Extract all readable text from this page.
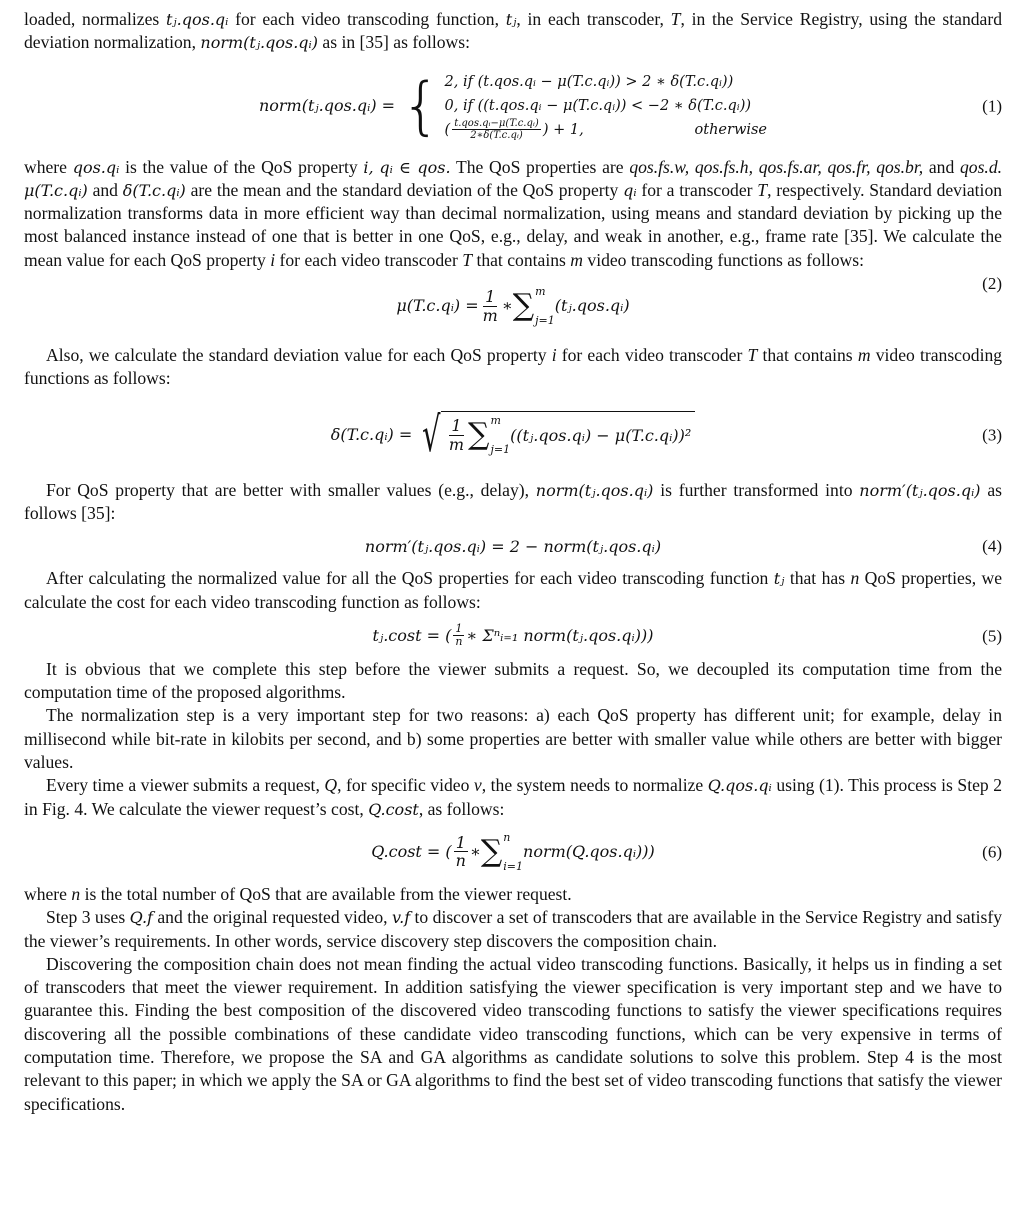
loaded, normalizes tⱼ.qos.qᵢ for each video transcoding function, tⱼ, in each transcoder, T, in the Service Registry, using the standard deviation normalization, norm(tⱼ.qos.qᵢ) as in [35] as follows:

norm(tⱼ.qos.qᵢ) = { 2, if (t.qos.qᵢ − μ(T.c.qᵢ)) > 2 ∗ δ(T.c.qᵢ))
0, if ((t.qos.qᵢ − μ(T.c.qᵢ)) < −2 ∗ δ(T.c.qᵢ))
( $\frac{\text{t.qos.qᵢ−μ(T.c.qᵢ)}}{\text{2∗δ(T.c.qᵢ)}}$ ) + 1,	otherwise
(1)

where qos.qᵢ is the value of the QoS property i, qᵢ ∈ qos. The QoS properties are qos.fs.w, qos.fs.h, qos.fs.ar, qos.fr, qos.br, and qos.d. μ(T.c.qᵢ) and δ(T.c.qᵢ) are the mean and the standard deviation of the QoS property qᵢ for a transcoder T, respectively. Standard deviation normalization transforms data in more efficient way than decimal normalization, using means and standard deviation by picking up the most balanced instance instead of one that is better in one QoS, e.g., delay, and weak in another, e.g., frame rate [35]. We calculate the mean value for each QoS property i for each video transcoder T that contains m video transcoding functions as follows:

μ(T.c.qᵢ) = $\frac{1}{m}$ ∗ ∑ m
j=1
(tⱼ.qos.qᵢ)
(2)

Also, we calculate the standard deviation value for each QoS property i for each video transcoder T that contains m video transcoding functions as follows:

δ(T.c.qᵢ) = √ $\frac{1}{m}$ ∑ m
j=1
((tⱼ.qos.qᵢ) − μ(T.c.qᵢ))²	(3)

For QoS property that are better with smaller values (e.g., delay), norm(tⱼ.qos.qᵢ) is further transformed into norm′(tⱼ.qos.qᵢ) as follows [35]:

norm′(tⱼ.qos.qᵢ) = 2 − norm(tⱼ.qos.qᵢ)	(4)

After calculating the normalized value for all the QoS properties for each video transcoding function tⱼ that has n QoS properties, we calculate the cost for each video transcoding function as follows:

tⱼ.cost = ( $\frac{1}{n}$ ∗ Σⁿᵢ₌₁ norm(tⱼ.qos.qᵢ)))	(5)

It is obvious that we complete this step before the viewer submits a request. So, we decoupled its computation time from the computation time of the proposed algorithms.

The normalization step is a very important step for two reasons: a) each QoS property has different unit; for example, delay in millisecond while bit-rate in kilobits per second, and b) some properties are better with smaller value while others are better with bigger values.

Every time a viewer submits a request, Q, for specific video v, the system needs to normalize Q.qos.qᵢ using (1). This process is Step 2 in Fig. 4. We calculate the viewer request’s cost, Q.cost, as follows:

Q.cost = ( $\frac{1}{n}$ ∗ ∑ n
i=1
norm(Q.qos.qᵢ)))	(6)

where n is the total number of QoS that are available from the viewer request.

Step 3 uses Q.f and the original requested video, v.f to discover a set of transcoders that are available in the Service Registry and satisfy the viewer’s requirements. In other words, service discovery step discovers the composition chain.

Discovering the composition chain does not mean finding the actual video transcoding functions. Basically, it helps us in finding a set of transcoders that meet the viewer requirement. In addition satisfying the viewer specification is very important step and we have to guarantee this. Finding the best composition of the discovered video transcoding functions to satisfy the viewer specifications requires discovering all the possible combinations of these candidate video transcoding functions, which can be very expensive in terms of computation time. Therefore, we propose the SA and GA algorithms as candidate solutions to solve this problem. Step 4 is the most relevant to this paper; in which we apply the SA or GA algorithms to find the best set of video transcoding functions that satisfy the viewer specifications.
